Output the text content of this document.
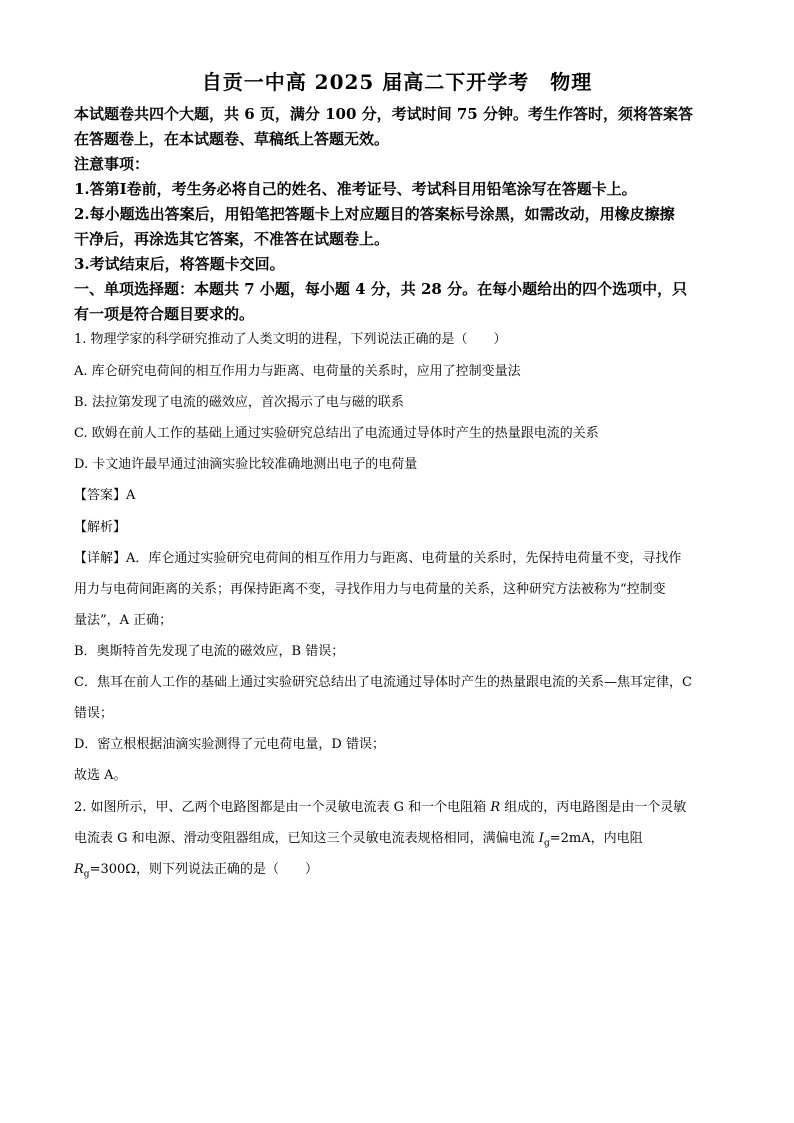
自贡一中高 2025 届高二下开学考　物理
本试题卷共四个大题，共 6 页，满分 100 分，考试时间 75 分钟。考生作答时，须将答案答
在答题卷上，在本试题卷、草稿纸上答题无效。
注意事项：
1.答第Ⅰ卷前，考生务必将自己的姓名、准考证号、考试科目用铅笔涂写在答题卡上。
2.每小题选出答案后，用铅笔把答题卡上对应题目的答案标号涂黑，如需改动，用橡皮擦擦
干净后，再涂选其它答案，不准答在试题卷上。
3.考试结束后，将答题卡交回。
一、单项选择题：本题共 7 小题，每小题 4 分，共 28 分。在每小题给出的四个选项中，只
有一项是符合题目要求的。
1. 物理学家的科学研究推动了人类文明的进程，下列说法正确的是（　　）
A. 库仑研究电荷间的相互作用力与距离、电荷量的关系时，应用了控制变量法
B. 法拉第发现了电流的磁效应，首次揭示了电与磁的联系
C. 欧姆在前人工作的基础上通过实验研究总结出了电流通过导体时产生的热量跟电流的关系
D. 卡文迪许最早通过油滴实验比较准确地测出电子的电荷量
【答案】A
【解析】
【详解】A．库仑通过实验研究电荷间的相互作用力与距离、电荷量的关系时，先保持电荷量不变，寻找作
用力与电荷间距离的关系；再保持距离不变，寻找作用力与电荷量的关系，这种研究方法被称为“控制变
量法”，A 正确；
B．奥斯特首先发现了电流的磁效应，B 错误；
C．焦耳在前人工作的基础上通过实验研究总结出了电流通过导体时产生的热量跟电流的关系—焦耳定律，C
错误；
D．密立根根据油滴实验测得了元电荷电量，D 错误；
故选 A。
2. 如图所示，甲、乙两个电路图都是由一个灵敏电流表 G 和一个电阻箱 R 组成的，丙电路图是由一个灵敏
电流表 G 和电源、滑动变阻器组成，已知这三个灵敏电流表规格相同，满偏电流 $I_g=2mA$，内电阻
$R_g=300\Omega$，则下列说法正确的是（　　）
